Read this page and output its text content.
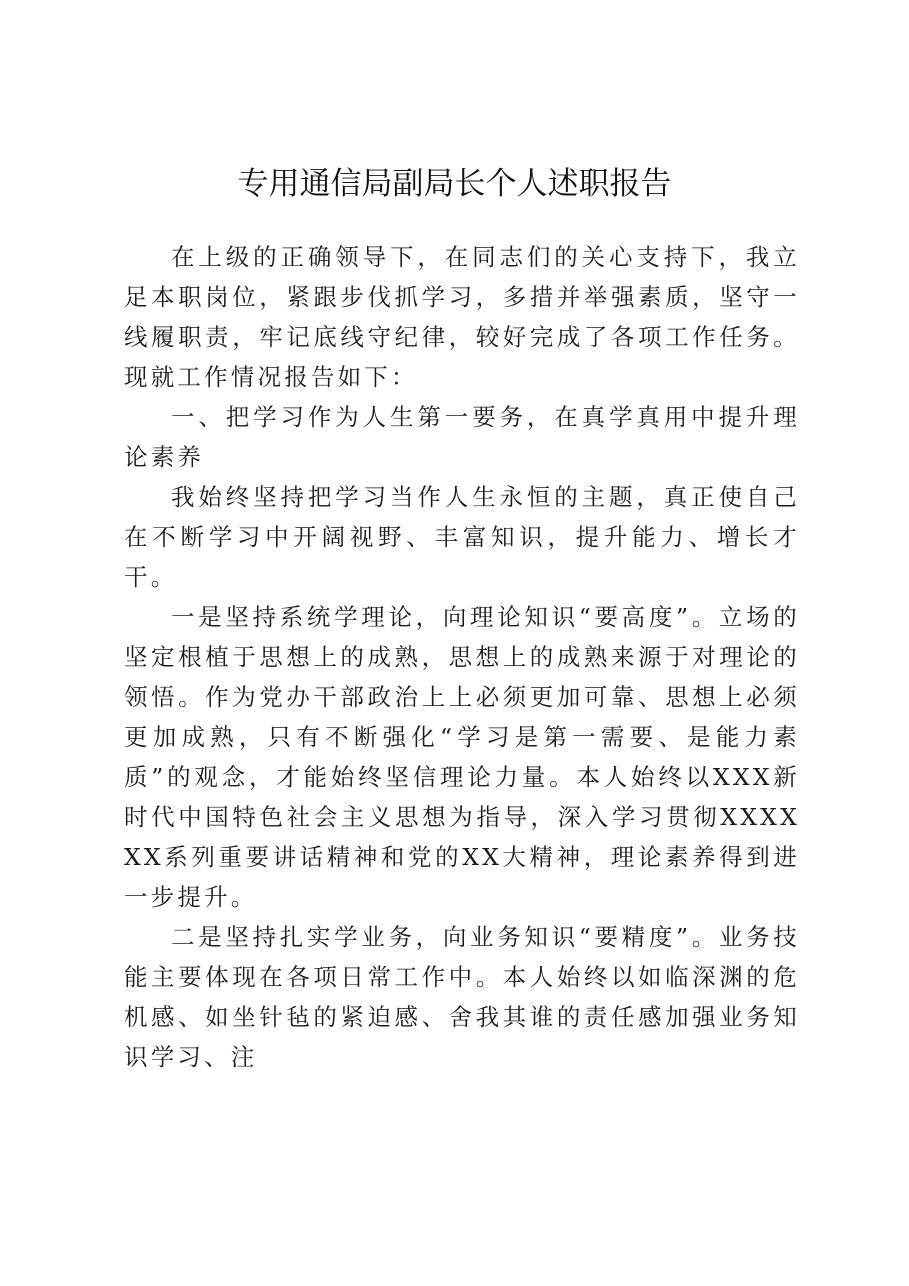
专用通信局副局长个人述职报告

在上级的正确领导下，在同志们的关心支持下，我立足本职岗位，紧跟步伐抓学习，多措并举强素质，坚守一线履职责，牢记底线守纪律，较好完成了各项工作任务。现就工作情况报告如下：

一、把学习作为人生第一要务，在真学真用中提升理论素养

我始终坚持把学习当作人生永恒的主题，真正使自己在不断学习中开阔视野、丰富知识，提升能力、增长才干。

一是坚持系统学理论，向理论知识“要高度”。立场的坚定根植于思想上的成熟，思想上的成熟来源于对理论的领悟。作为党办干部政治上上必须更加可靠、思想上必须更加成熟，只有不断强化“学习是第一需要、是能力素质”的观念，才能始终坚信理论力量。本人始终以XXX新时代中国特色社会主义思想为指导，深入学习贯彻XXXXXX系列重要讲话精神和党的XX大精神，理论素养得到进一步提升。

二是坚持扎实学业务，向业务知识“要精度”。业务技能主要体现在各项日常工作中。本人始终以如临深渊的危机感、如坐针毡的紧迫感、舍我其谁的责任感加强业务知识学习、注
